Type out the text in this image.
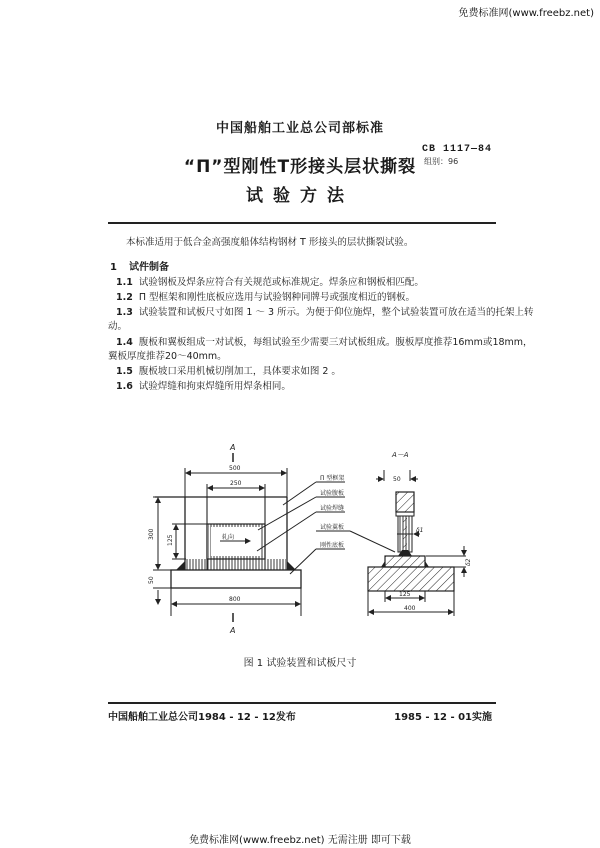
免费标准网(www.freebz.net)
中国船舶工业总公司部标准
CB 1117—84
组别：96
“Π”型刚性T形接头层状撕裂
试验方法
本标准适用于低合金高强度船体结构钢材 T 形接头的层状撕裂试验。
1 试件制备
1.1 试验钢板及焊条应符合有关规范或标准规定。焊条应和钢板相匹配。
1.2 Π 型框架和刚性底板应选用与试验钢种同牌号或强度相近的钢板。
1.3 试验装置和试板尺寸如图 1 ～ 3 所示。为便于仰位施焊，整个试验装置可放在适当的托架上转
动。
1.4 腹板和翼板组成一对试板，每组试验至少需要三对试板组成。腹板厚度推荐16mm或18mm，
翼板厚度推荐20～40mm。
1.5 腹板坡口采用机械切削加工，具体要求如图 2 。
1.6 试验焊缝和拘束焊缝所用焊条相同。
A
A
500
250
800
轧向
300
125
50
Π 型框架
试验腹板
试验焊缝
试验翼板
刚性底板
A－A
50
δ1
δ2
125
400
图 1 试验装置和试板尺寸
中国船舶工业总公司1984 - 12 - 12发布	1985 - 12 - 01实施
免费标准网(www.freebz.net) 无需注册 即可下载
